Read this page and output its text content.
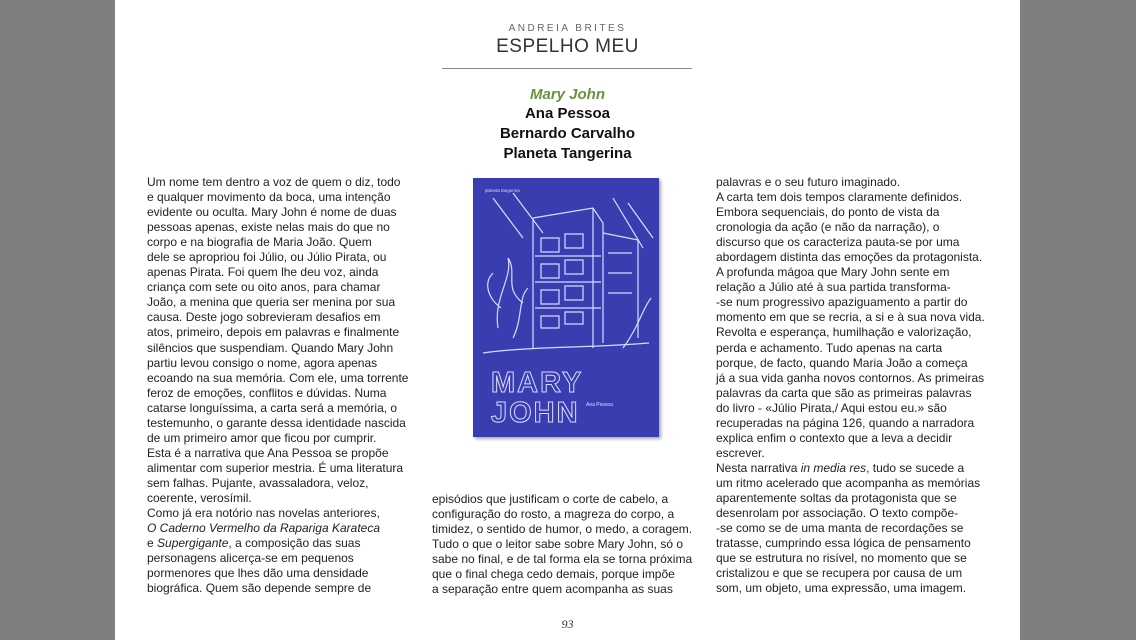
ANDREIA BRITES
ESPELHO MEU
Mary John
Ana Pessoa
Bernardo Carvalho
Planeta Tangerina
Um nome tem dentro a voz de quem o diz, todo
e qualquer movimento da boca, uma intenção
evidente ou oculta. Mary John é nome de duas
pessoas apenas, existe nelas mais do que no
corpo e na biografia de Maria João. Quem
dele se apropriou foi Júlio, ou Júlio Pirata, ou
apenas Pirata. Foi quem lhe deu voz, ainda
criança com sete ou oito anos, para chamar
João, a menina que queria ser menina por sua
causa. Deste jogo sobrevieram desafios em
atos, primeiro, depois em palavras e finalmente
silêncios que suspendiam. Quando Mary John
partiu levou consigo o nome, agora apenas
ecoando na sua memória. Com ele, uma torrente
feroz de emoções, conflitos e dúvidas. Numa
catarse longuíssima, a carta será a memória, o
testemunho, o garante dessa identidade nascida
de um primeiro amor que ficou por cumprir.
Esta é a narrativa que Ana Pessoa se propõe
alimentar com superior mestria. É uma literatura
sem falhas. Pujante, avassaladora, veloz,
coerente, verosímil.
Como já era notório nas novelas anteriores,
O Caderno Vermelho da Rapariga Karateca
e Supergigante, a composição das suas
personagens alicerça-se em pequenos
pormenores que lhes dão uma densidade
biográfica. Quem são depende sempre de
planeta tangerina
MARY
JOHN Ana Pessoa
episódios que justificam o corte de cabelo, a
configuração do rosto, a magreza do corpo, a
timidez, o sentido de humor, o medo, a coragem.
Tudo o que o leitor sabe sobre Mary John, só o
sabe no final, e de tal forma ela se torna próxima
que o final chega cedo demais, porque impõe
a separação entre quem acompanha as suas
palavras e o seu futuro imaginado.
A carta tem dois tempos claramente definidos.
Embora sequenciais, do ponto de vista da
cronologia da ação (e não da narração), o
discurso que os caracteriza pauta-se por uma
abordagem distinta das emoções da protagonista.
A profunda mágoa que Mary John sente em
relação a Júlio até à sua partida transforma-
-se num progressivo apaziguamento a partir do
momento em que se recria, a si e à sua nova vida.
Revolta e esperança, humilhação e valorização,
perda e achamento. Tudo apenas na carta
porque, de facto, quando Maria João a começa
já a sua vida ganha novos contornos. As primeiras
palavras da carta que são as primeiras palavras
do livro - «Júlio Pirata,/ Aqui estou eu.» são
recuperadas na página 126, quando a narradora
explica enfim o contexto que a leva a decidir
escrever.
Nesta narrativa in media res, tudo se sucede a
um ritmo acelerado que acompanha as memórias
aparentemente soltas da protagonista que se
desenrolam por associação. O texto compõe-
-se como se de uma manta de recordações se
tratasse, cumprindo essa lógica de pensamento
que se estrutura no risível, no momento que se
cristalizou e que se recupera por causa de um
som, um objeto, uma expressão, uma imagem.
93
